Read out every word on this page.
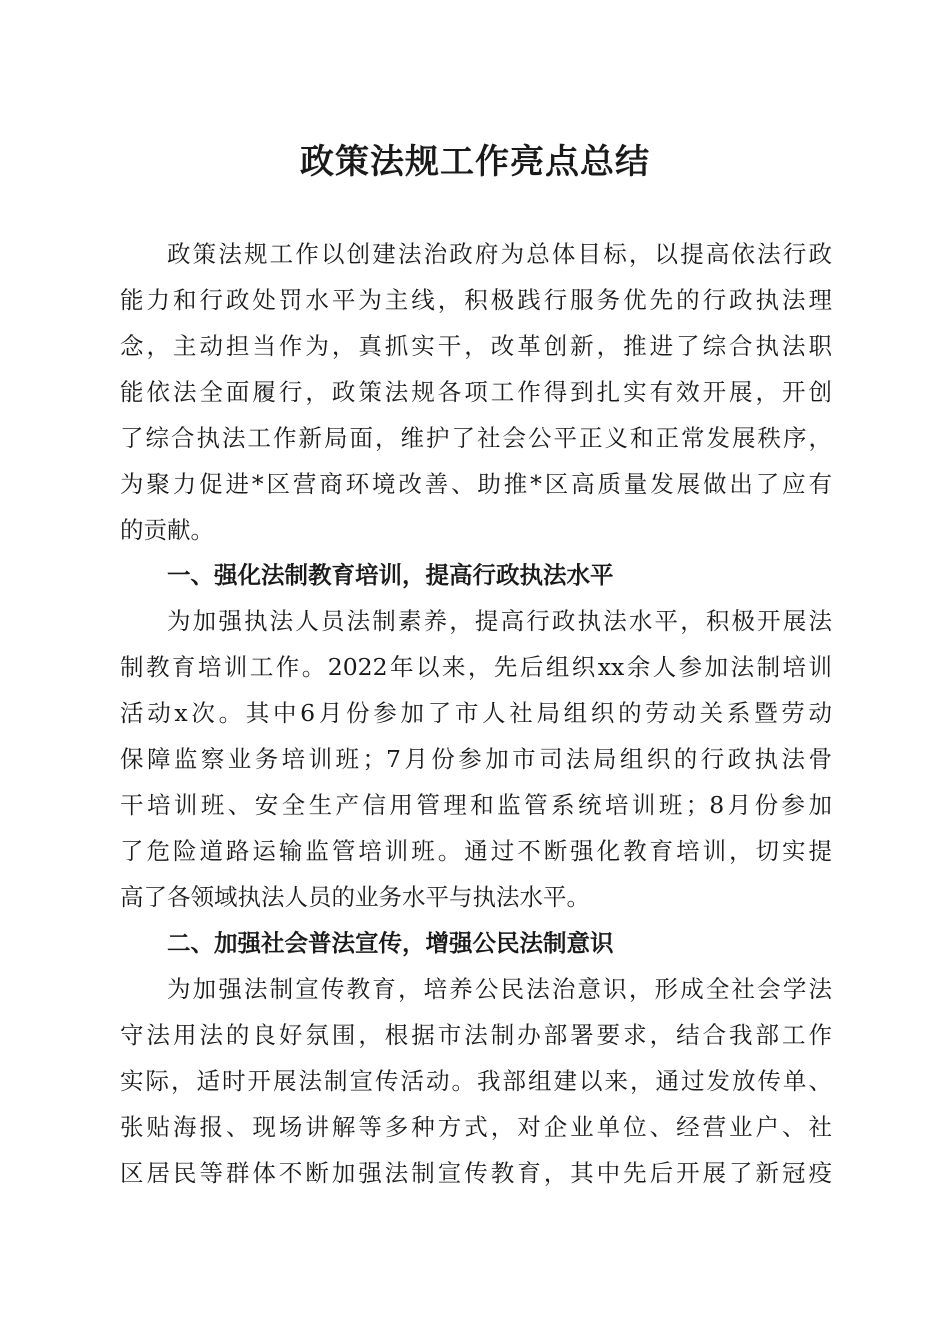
政策法规工作亮点总结
政策法规工作以创建法治政府为总体目标，以提高依法行政
能力和行政处罚水平为主线，积极践行服务优先的行政执法理
念，主动担当作为，真抓实干，改革创新，推进了综合执法职
能依法全面履行，政策法规各项工作得到扎实有效开展，开创
了综合执法工作新局面，维护了社会公平正义和正常发展秩序，
为聚力促进*区营商环境改善、助推*区高质量发展做出了应有
的贡献。
一、强化法制教育培训，提高行政执法水平
为加强执法人员法制素养，提高行政执法水平，积极开展法
制教育培训工作。2022年以来，先后组织xx余人参加法制培训
活动x次。其中6月份参加了市人社局组织的劳动关系暨劳动
保障监察业务培训班；7月份参加市司法局组织的行政执法骨
干培训班、安全生产信用管理和监管系统培训班；8月份参加
了危险道路运输监管培训班。通过不断强化教育培训，切实提
高了各领域执法人员的业务水平与执法水平。
二、加强社会普法宣传，增强公民法制意识
为加强法制宣传教育，培养公民法治意识，形成全社会学法
守法用法的良好氛围，根据市法制办部署要求，结合我部工作
实际，适时开展法制宣传活动。我部组建以来，通过发放传单、
张贴海报、现场讲解等多种方式，对企业单位、经营业户、社
区居民等群体不断加强法制宣传教育，其中先后开展了新冠疫
